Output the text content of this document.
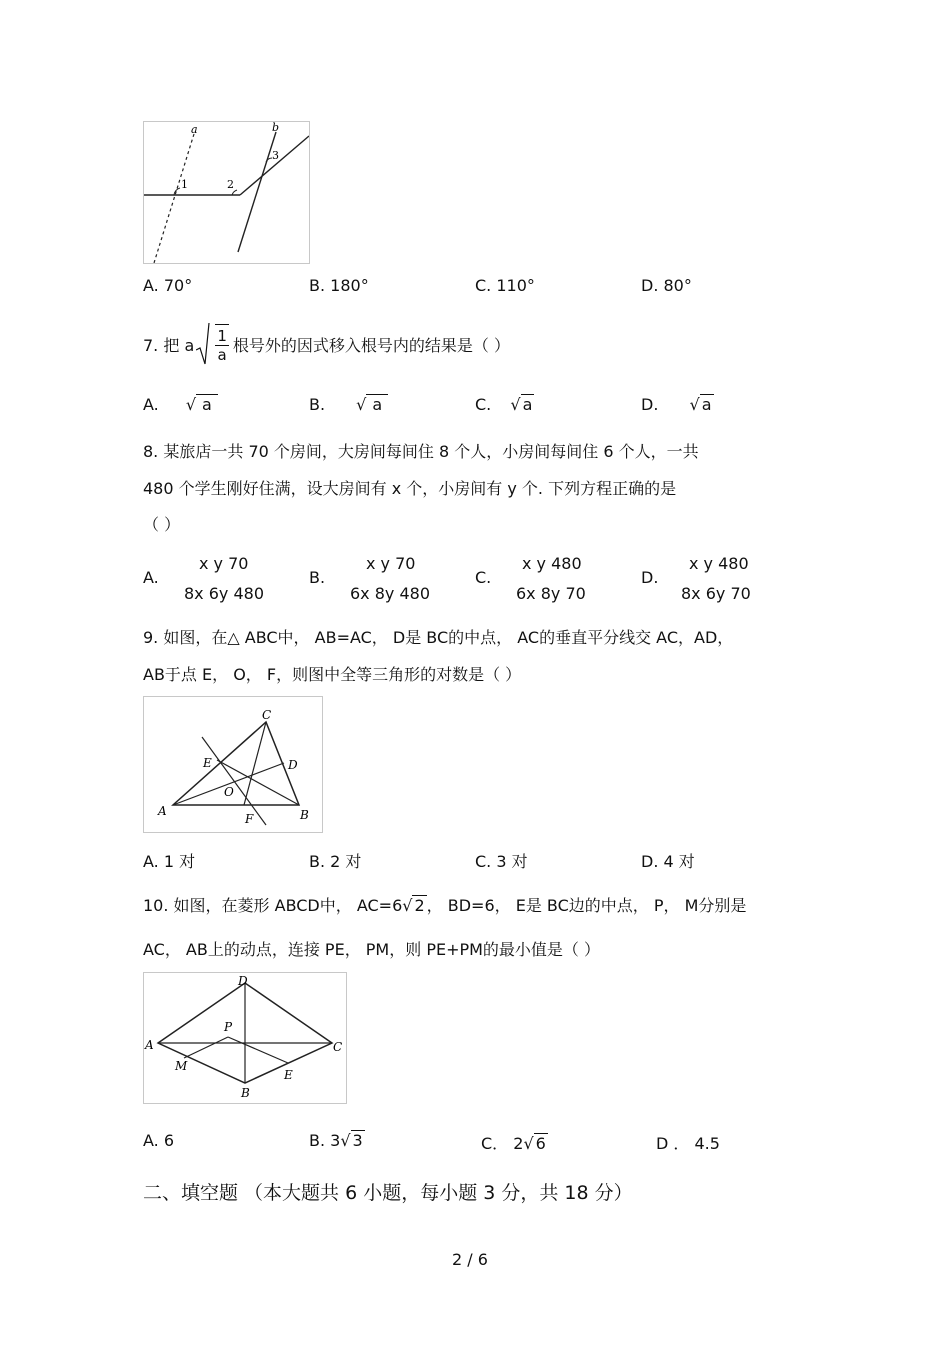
a	b
1	2
3
A. 70°	B. 180°	C. 110°	D. 80°
7. 把 a
$\frac{1}{a}$ 根号外的因式移入根号内的结果是（ ）
A. √ a	B. √ a	C. √ a	D. √ a
8. 某旅店一共 70 个房间，大房间每间住 8 个人，小房间每间住 6 个人，一共
480 个学生刚好住满，设大房间有 x 个，小房间有 y 个. 下列方程正确的是
（ ）
A.
x y 70
8x 6y 480
B.
x y 70
6x 8y 480
C.
x y 480
6x 8y 70
D.
x y 480
8x 6y 70
9. 如图，在△ ABC中， AB=AC， D是 BC的中点， AC的垂直平分线交 AC，AD，
AB于点 E， O， F，则图中全等三角形的对数是（ ）
A	B
C
D
E
O
F
A. 1 对	B. 2 对	C. 3 对	D. 4 对
10. 如图，在菱形 ABCD中， AC=6√ 2 ， BD=6， E是 BC边的中点， P， M分别是
AC， AB上的动点，连接 PE， PM，则 PE+PM的最小值是（ ）
A
B
C
D
P
M
E
A. 6	B. 3√ 3	C． 2√ 6	D ． 4.5
二、填空题 （本大题共 6 小题，每小题 3 分，共 18 分）
2 / 6
